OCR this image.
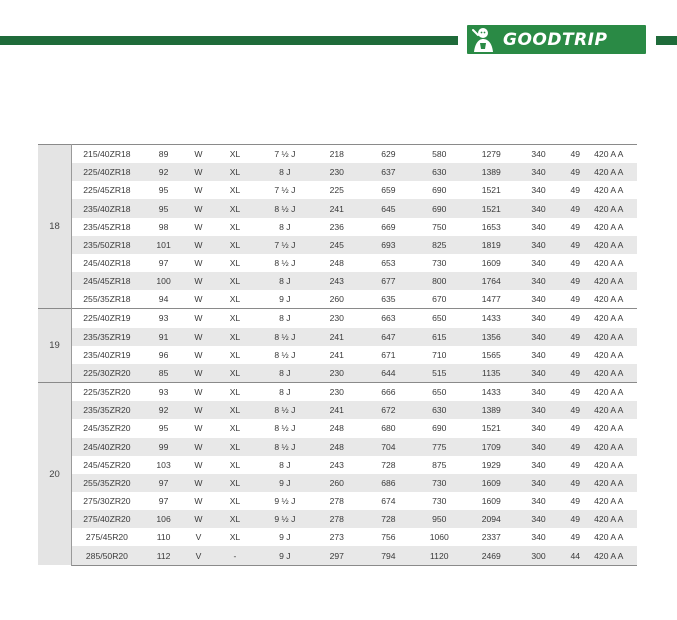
GOODTRIP
18	215/40ZR18	89	W	XL	7 ½ J	218	629	580	1279	340	49	420 A A
	225/40ZR18	92	W	XL	8 J	230	637	630	1389	340	49	420 A A
	225/45ZR18	95	W	XL	7 ½ J	225	659	690	1521	340	49	420 A A
	235/40ZR18	95	W	XL	8 ½ J	241	645	690	1521	340	49	420 A A
	235/45ZR18	98	W	XL	8 J	236	669	750	1653	340	49	420 A A
	235/50ZR18	101	W	XL	7 ½ J	245	693	825	1819	340	49	420 A A
	245/40ZR18	97	W	XL	8 ½ J	248	653	730	1609	340	49	420 A A
	245/45ZR18	100	W	XL	8 J	243	677	800	1764	340	49	420 A A
	255/35ZR18	94	W	XL	9 J	260	635	670	1477	340	49	420 A A
19	225/40ZR19	93	W	XL	8 J	230	663	650	1433	340	49	420 A A
	235/35ZR19	91	W	XL	8 ½ J	241	647	615	1356	340	49	420 A A
	235/40ZR19	96	W	XL	8 ½ J	241	671	710	1565	340	49	420 A A
	225/30ZR20	85	W	XL	8 J	230	644	515	1135	340	49	420 A A
20	225/35ZR20	93	W	XL	8 J	230	666	650	1433	340	49	420 A A
	235/35ZR20	92	W	XL	8 ½ J	241	672	630	1389	340	49	420 A A
	245/35ZR20	95	W	XL	8 ½ J	248	680	690	1521	340	49	420 A A
	245/40ZR20	99	W	XL	8 ½ J	248	704	775	1709	340	49	420 A A
	245/45ZR20	103	W	XL	8 J	243	728	875	1929	340	49	420 A A
	255/35ZR20	97	W	XL	9 J	260	686	730	1609	340	49	420 A A
	275/30ZR20	97	W	XL	9 ½ J	278	674	730	1609	340	49	420 A A
	275/40ZR20	106	W	XL	9 ½ J	278	728	950	2094	340	49	420 A A
	275/45R20	110	V	XL	9 J	273	756	1060	2337	340	49	420 A A
	285/50R20	112	V	-	9 J	297	794	1120	2469	300	44	420 A A
